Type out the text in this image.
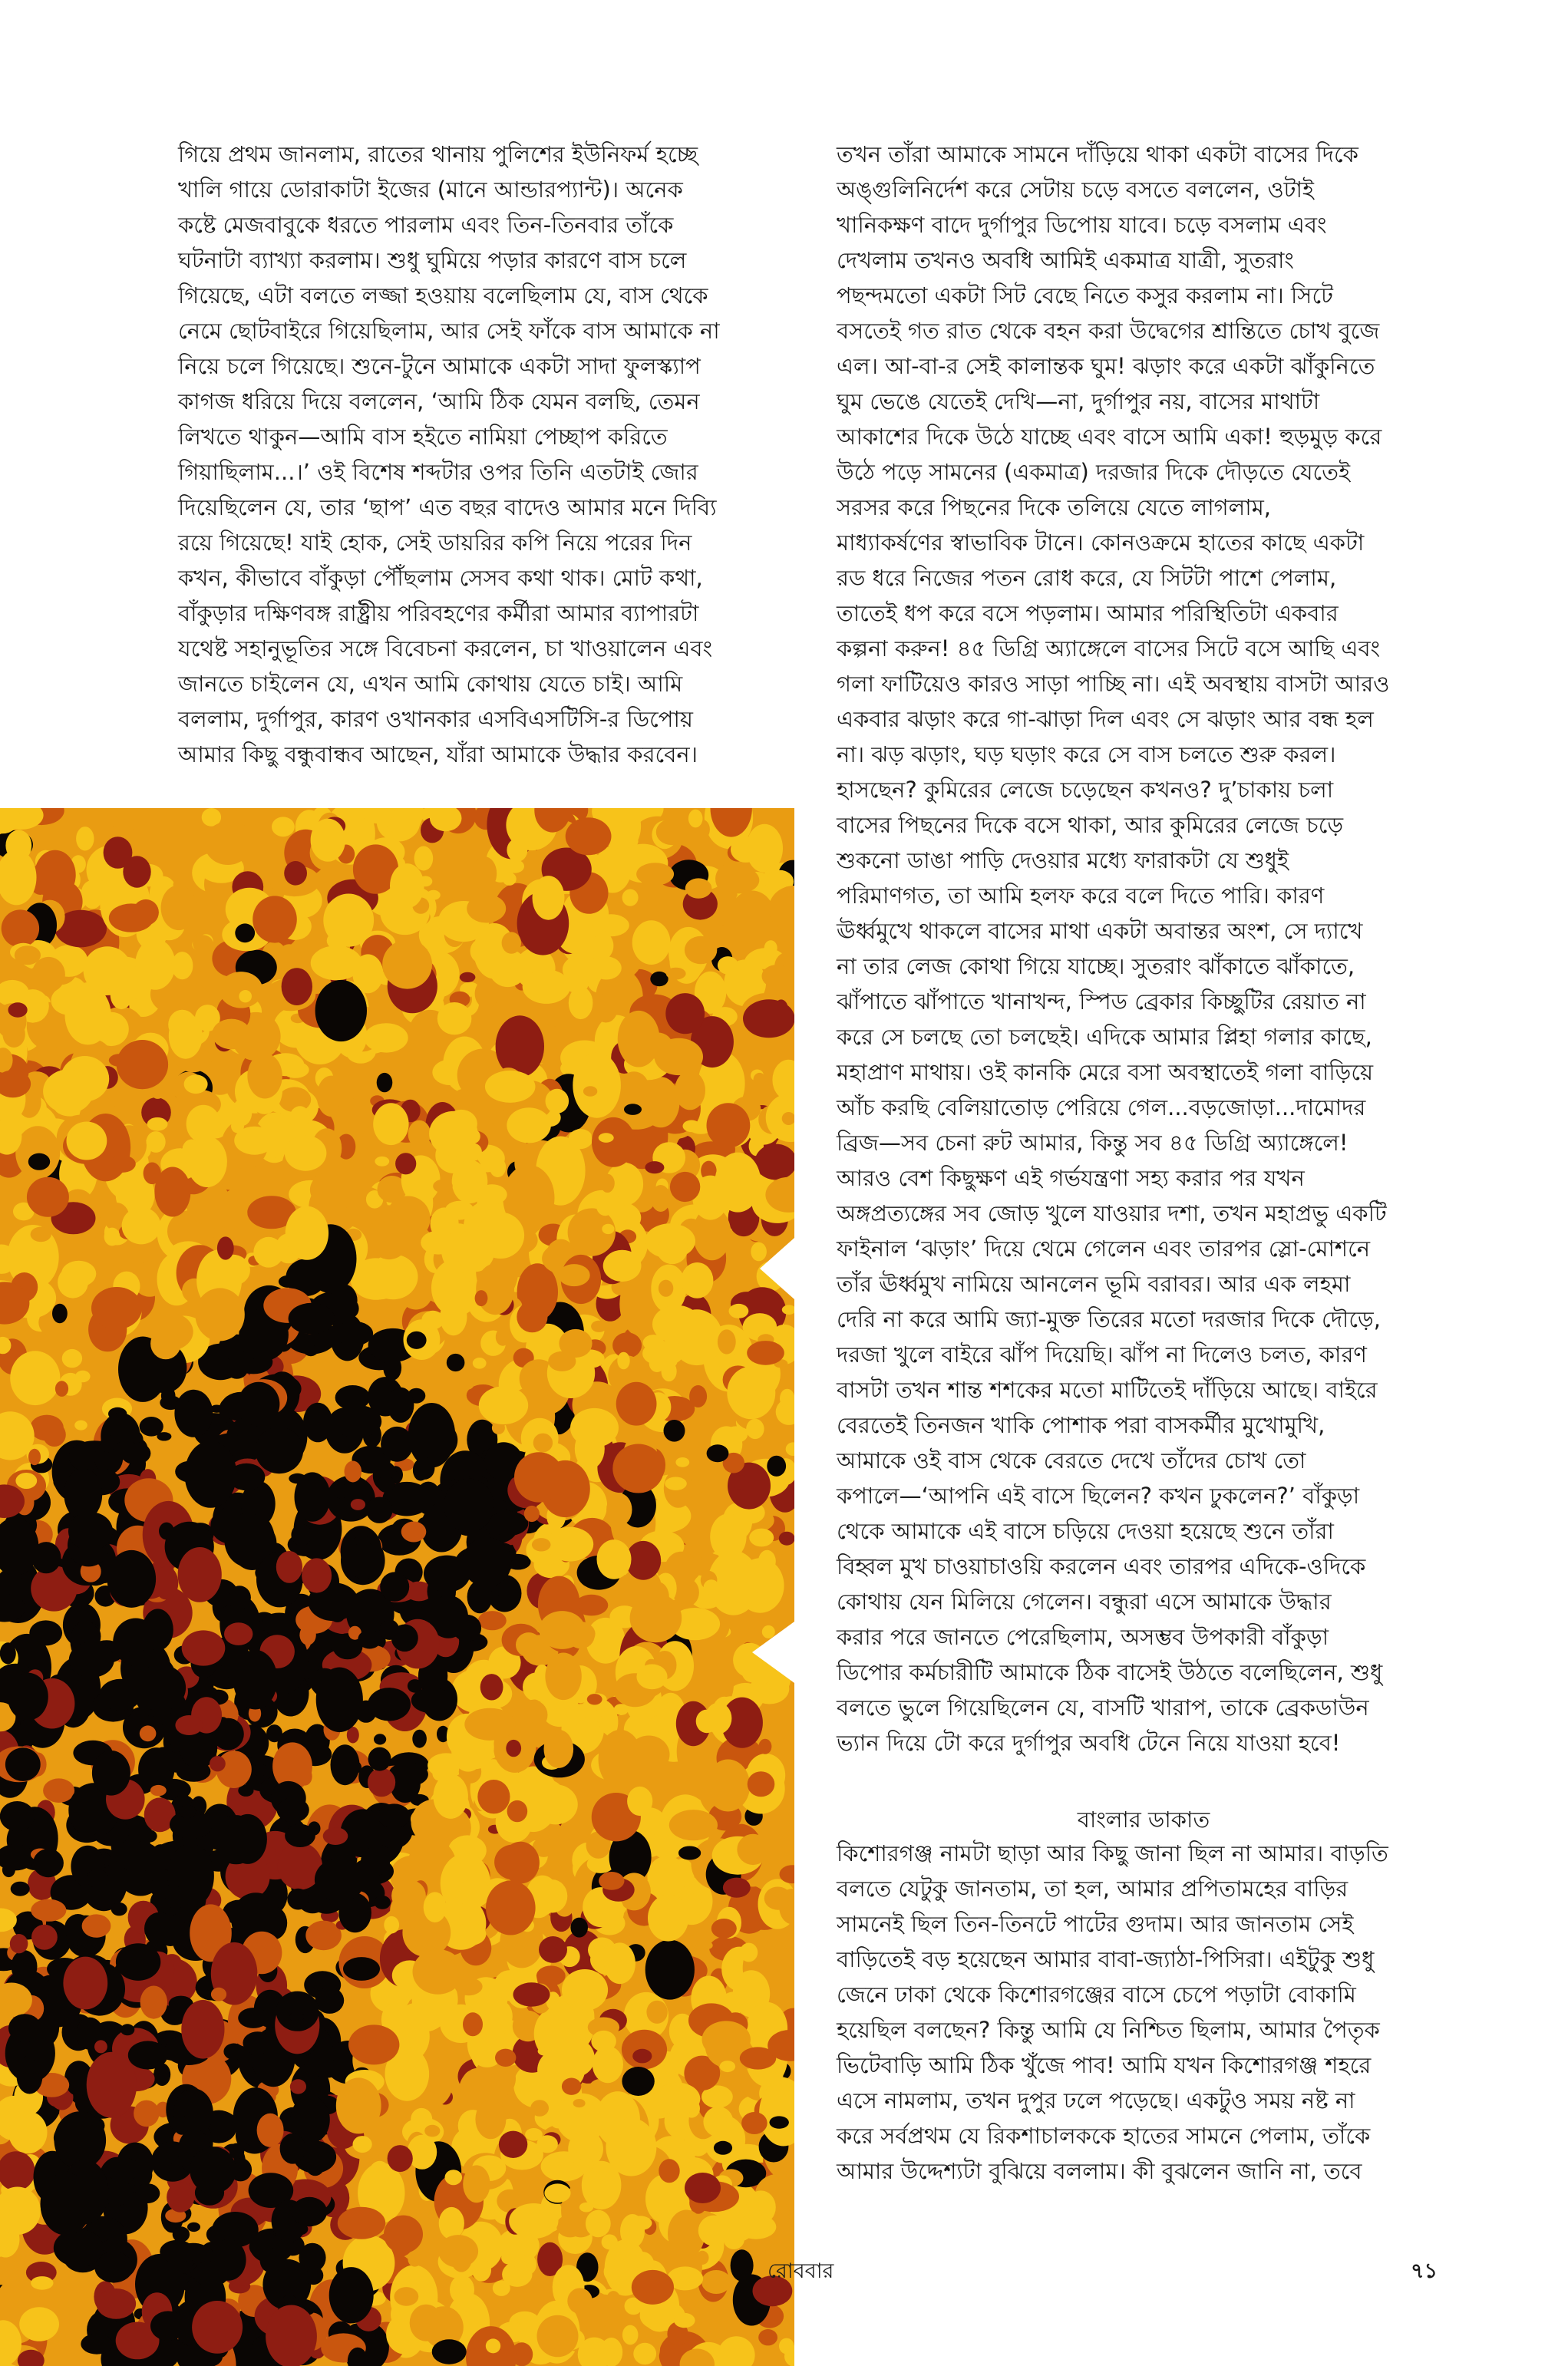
গিয়ে প্রথম জানলাম, রাতের থানায় পুলিশের ইউনিফর্ম হচ্ছে

খালি গায়ে ডোরাকাটা ইজের (মানে আন্ডারপ্যান্ট)। অনেক

কষ্টে মেজবাবুকে ধরতে পারলাম এবং তিন-তিনবার তাঁকে

ঘটনাটা ব্যাখ্যা করলাম। শুধু ঘুমিয়ে পড়ার কারণে বাস চলে

গিয়েছে, এটা বলতে লজ্জা হওয়ায় বলেছিলাম যে, বাস থেকে

নেমে ছোটবাইরে গিয়েছিলাম, আর সেই ফাঁকে বাস আমাকে না

নিয়ে চলে গিয়েছে। শুনে-টুনে আমাকে একটা সাদা ফুলস্ক্যাপ

কাগজ ধরিয়ে দিয়ে বললেন, ‘আমি ঠিক যেমন বলছি, তেমন

লিখতে থাকুন—আমি বাস হইতে নামিয়া পেচ্ছাপ করিতে

গিয়াছিলাম...।’ ওই বিশেষ শব্দটার ওপর তিনি এতটাই জোর

দিয়েছিলেন যে, তার ‘ছাপ’ এত বছর বাদেও আমার মনে দিব্যি

রয়ে গিয়েছে! যাই হোক, সেই ডায়রির কপি নিয়ে পরের দিন

কখন, কীভাবে বাঁকুড়া পৌঁছলাম সেসব কথা থাক। মোট কথা,

বাঁকুড়ার দক্ষিণবঙ্গ রাষ্ট্রীয় পরিবহণের কর্মীরা আমার ব্যাপারটা

যথেষ্ট সহানুভূতির সঙ্গে বিবেচনা করলেন, চা খাওয়ালেন এবং

জানতে চাইলেন যে, এখন আমি কোথায় যেতে চাই। আমি

বললাম, দুর্গাপুর, কারণ ওখানকার এসবিএসটিসি-র ডিপোয়

আমার কিছু বন্ধুবান্ধব আছেন, যাঁরা আমাকে উদ্ধার করবেন।

তখন তাঁরা আমাকে সামনে দাঁড়িয়ে থাকা একটা বাসের দিকে

অঙ্গুলিনির্দেশ করে সেটায় চড়ে বসতে বললেন, ওটাই

খানিকক্ষণ বাদে দুর্গাপুর ডিপোয় যাবে। চড়ে বসলাম এবং

দেখলাম তখনও অবধি আমিই একমাত্র যাত্রী, সুতরাং

পছন্দমতো একটা সিট বেছে নিতে কসুর করলাম না। সিটে

বসতেই গত রাত থেকে বহন করা উদ্বেগের শ্রান্তিতে চোখ বুজে

এল। আ-বা-র সেই কালান্তক ঘুম! ঝড়াং করে একটা ঝাঁকুনিতে

ঘুম ভেঙে যেতেই দেখি—না, দুর্গাপুর নয়, বাসের মাথাটা

আকাশের দিকে উঠে যাচ্ছে এবং বাসে আমি একা! হুড়মুড় করে

উঠে পড়ে সামনের (একমাত্র) দরজার দিকে দৌড়তে যেতেই

সরসর করে পিছনের দিকে তলিয়ে যেতে লাগলাম,

মাধ্যাকর্ষণের স্বাভাবিক টানে। কোনওক্রমে হাতের কাছে একটা

রড ধরে নিজের পতন রোধ করে, যে সিটটা পাশে পেলাম,

তাতেই ধপ করে বসে পড়লাম। আমার পরিস্থিতিটা একবার

কল্পনা করুন! ৪৫ ডিগ্রি অ্যাঙ্গেলে বাসের সিটে বসে আছি এবং

গলা ফাটিয়েও কারও সাড়া পাচ্ছি না। এই অবস্থায় বাসটা আরও

একবার ঝড়াং করে গা-ঝাড়া দিল এবং সে ঝড়াং আর বন্ধ হল

না। ঝড় ঝড়াং, ঘড় ঘড়াং করে সে বাস চলতে শুরু করল।

হাসছেন? কুমিরের লেজে চড়েছেন কখনও? দু’চাকায় চলা

বাসের পিছনের দিকে বসে থাকা, আর কুমিরের লেজে চড়ে

শুকনো ডাঙা পাড়ি দেওয়ার মধ্যে ফারাকটা যে শুধুই

পরিমাণগত, তা আমি হলফ করে বলে দিতে পারি। কারণ

ঊর্ধ্বমুখে থাকলে বাসের মাথা একটা অবান্তর অংশ, সে দ্যাখে

না তার লেজ কোথা গিয়ে যাচ্ছে। সুতরাং ঝাঁকাতে ঝাঁকাতে,

ঝাঁপাতে ঝাঁপাতে খানাখন্দ, স্পিড ব্রেকার কিচ্ছুটির রেয়াত না

করে সে চলছে তো চলছেই। এদিকে আমার প্লিহা গলার কাছে,

মহাপ্রাণ মাথায়। ওই কানকি মেরে বসা অবস্থাতেই গলা বাড়িয়ে

আঁচ করছি বেলিয়াতোড় পেরিয়ে গেল...বড়জোড়া...দামোদর

ব্রিজ—সব চেনা রুট আমার, কিন্তু সব ৪৫ ডিগ্রি অ্যাঙ্গেলে!

আরও বেশ কিছুক্ষণ এই গর্ভযন্ত্রণা সহ্য করার পর যখন

অঙ্গপ্রত্যঙ্গের সব জোড় খুলে যাওয়ার দশা, তখন মহাপ্রভু একটি

ফাইনাল ‘ঝড়াং’ দিয়ে থেমে গেলেন এবং তারপর স্লো-মোশনে

তাঁর ঊর্ধ্বমুখ নামিয়ে আনলেন ভূমি বরাবর। আর এক লহমা

দেরি না করে আমি জ্যা-মুক্ত তিরের মতো দরজার দিকে দৌড়ে,

দরজা খুলে বাইরে ঝাঁপ দিয়েছি। ঝাঁপ না দিলেও চলত, কারণ

বাসটা তখন শান্ত শশকের মতো মাটিতেই দাঁড়িয়ে আছে। বাইরে

বেরতেই তিনজন খাকি পোশাক পরা বাসকর্মীর মুখোমুখি,

আমাকে ওই বাস থেকে বেরতে দেখে তাঁদের চোখ তো

কপালে—‘আপনি এই বাসে ছিলেন? কখন ঢুকলেন?’ বাঁকুড়া

থেকে আমাকে এই বাসে চড়িয়ে দেওয়া হয়েছে শুনে তাঁরা

বিহ্বল মুখ চাওয়াচাওয়ি করলেন এবং তারপর এদিকে-ওদিকে

কোথায় যেন মিলিয়ে গেলেন। বন্ধুরা এসে আমাকে উদ্ধার

করার পরে জানতে পেরেছিলাম, অসম্ভব উপকারী বাঁকুড়া

ডিপোর কর্মচারীটি আমাকে ঠিক বাসেই উঠতে বলেছিলেন, শুধু

বলতে ভুলে গিয়েছিলেন যে, বাসটি খারাপ, তাকে ব্রেকডাউন

ভ্যান দিয়ে টো করে দুর্গাপুর অবধি টেনে নিয়ে যাওয়া হবে!

বাংলার ডাকাত

কিশোরগঞ্জ নামটা ছাড়া আর কিছু জানা ছিল না আমার। বাড়তি

বলতে যেটুকু জানতাম, তা হল, আমার প্রপিতামহের বাড়ির

সামনেই ছিল তিন-তিনটে পাটের গুদাম। আর জানতাম সেই

বাড়িতেই বড় হয়েছেন আমার বাবা-জ্যাঠা-পিসিরা। এইটুকু শুধু

জেনে ঢাকা থেকে কিশোরগঞ্জের বাসে চেপে পড়াটা বোকামি

হয়েছিল বলছেন? কিন্তু আমি যে নিশ্চিত ছিলাম, আমার পৈতৃক

ভিটেবাড়ি আমি ঠিক খুঁজে পাব! আমি যখন কিশোরগঞ্জ শহরে

এসে নামলাম, তখন দুপুর ঢলে পড়েছে। একটুও সময় নষ্ট না

করে সর্বপ্রথম যে রিকশাচালককে হাতের সামনে পেলাম, তাঁকে

আমার উদ্দেশ্যটা বুঝিয়ে বললাম। কী বুঝলেন জানি না, তবে

রোববার	৭১
